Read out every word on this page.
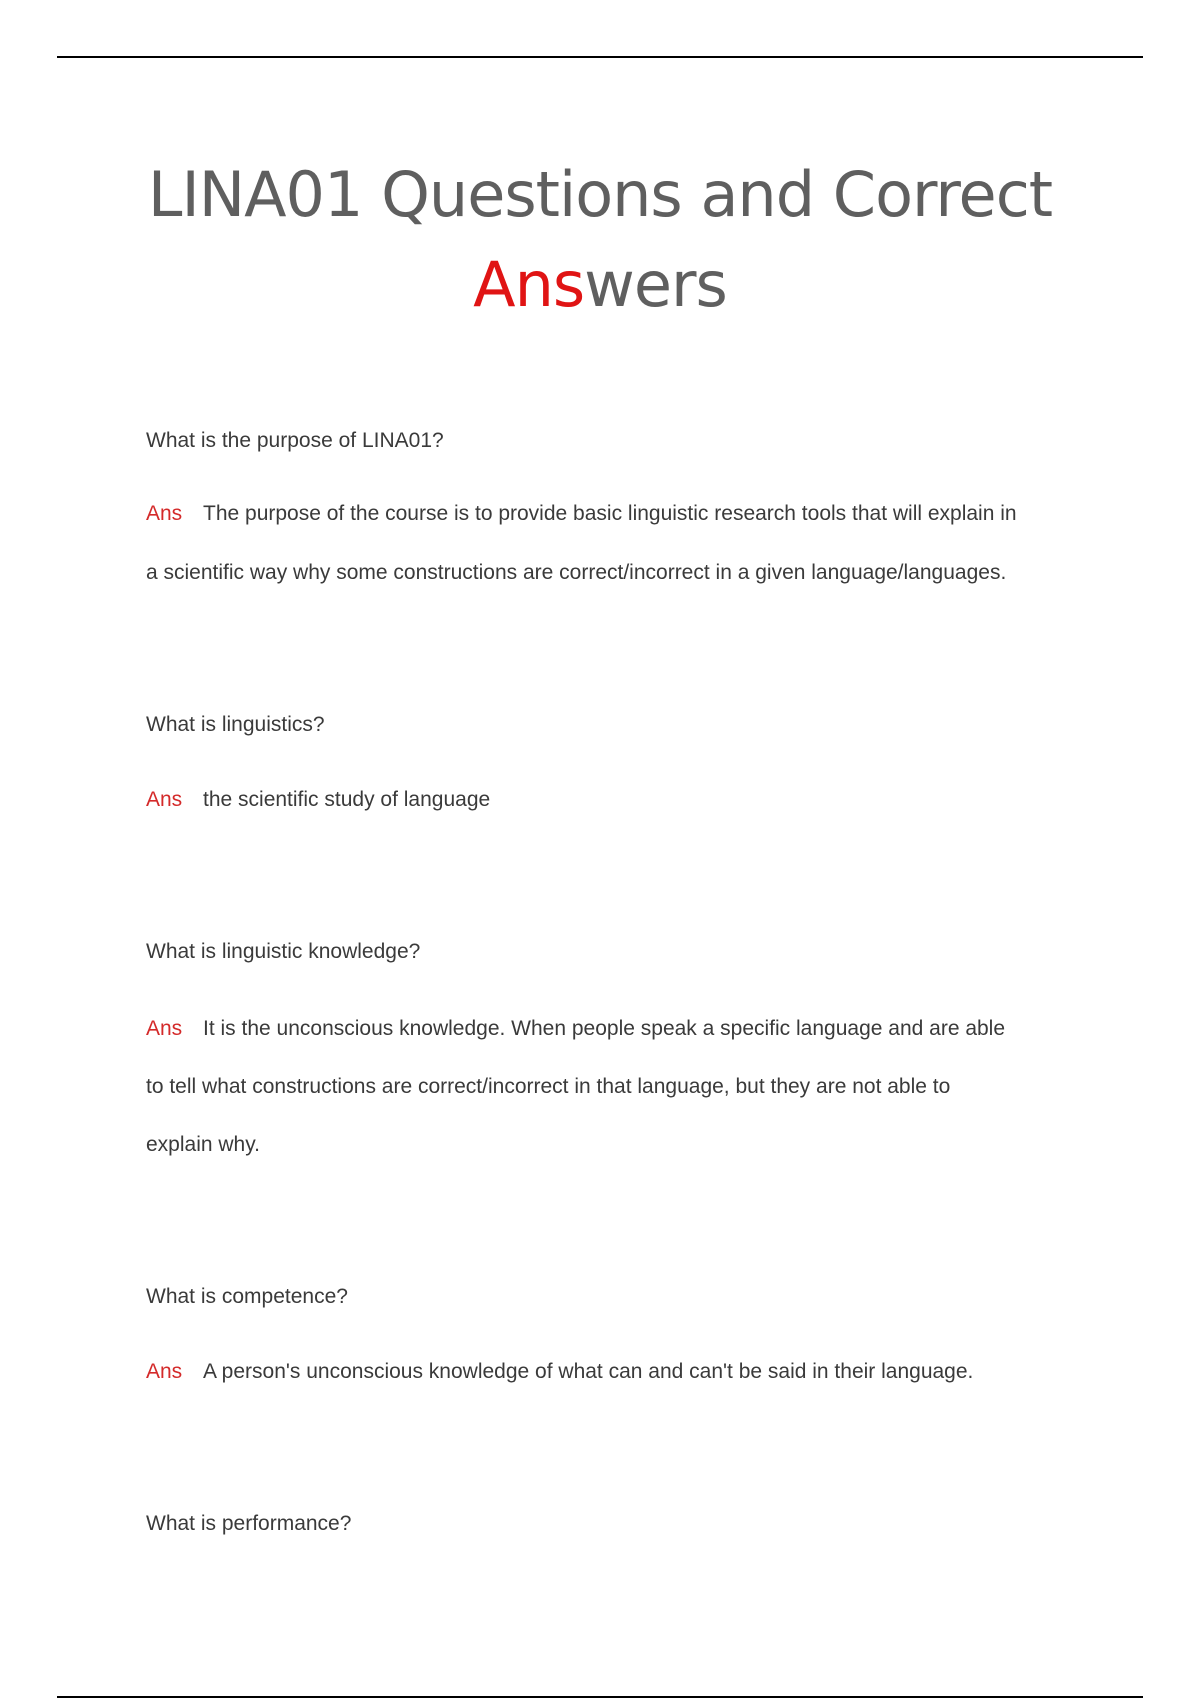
LINA01 Questions and Correct
Answers

What is the purpose of LINA01?

Ans The purpose of the course is to provide basic linguistic research tools that will explain in
a scientific way why some constructions are correct/incorrect in a given language/languages.

What is linguistics?

Ans the scientific study of language

What is linguistic knowledge?

Ans It is the unconscious knowledge. When people speak a specific language and are able
to tell what constructions are correct/incorrect in that language, but they are not able to
explain why.

What is competence?

Ans A person's unconscious knowledge of what can and can't be said in their language.

What is performance?
